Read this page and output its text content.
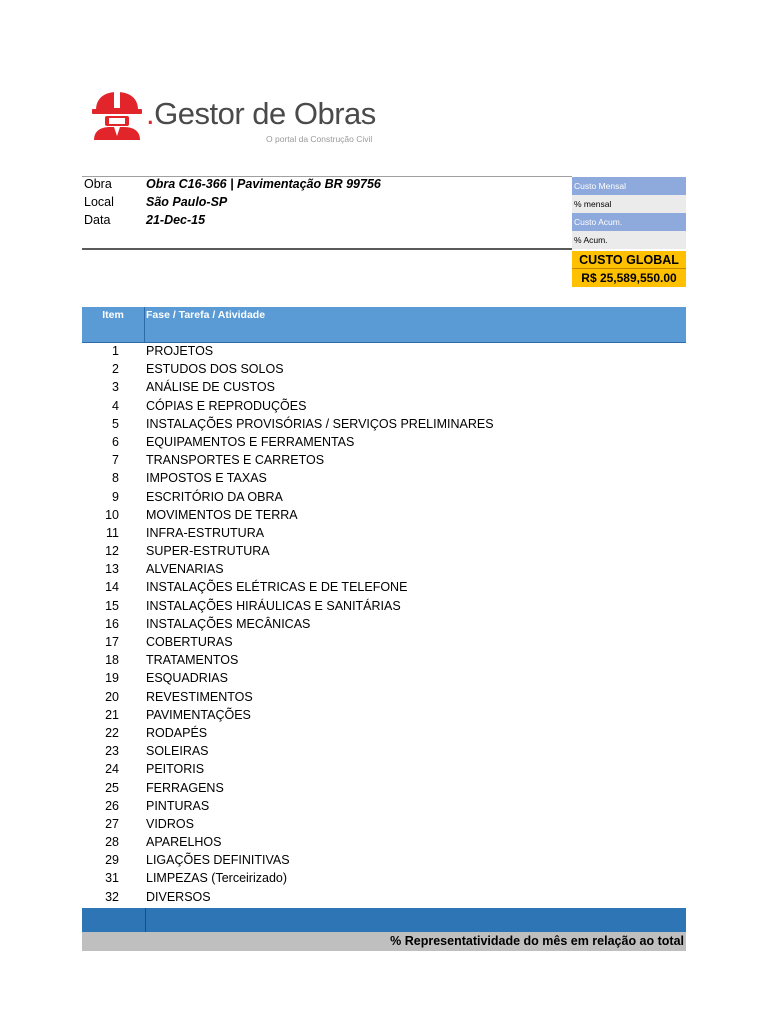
.Gestor de Obras
O portal da Construção Civil
Obra	Obra C16-366 | Pavimentação BR 99756
Local	São Paulo-SP
Data	21-Dec-15
Custo Mensal
% mensal
Custo Acum.
% Acum.
CUSTO GLOBAL
R$ 25,589,550.00
Item	Fase / Tarefa / Atividade
1 PROJETOS
2 ESTUDOS DOS SOLOS
3 ANÁLISE DE CUSTOS
4 CÓPIAS E REPRODUÇÕES
5 INSTALAÇÕES PROVISÓRIAS / SERVIÇOS PRELIMINARES
6 EQUIPAMENTOS E FERRAMENTAS
7 TRANSPORTES E CARRETOS
8 IMPOSTOS E TAXAS
9 ESCRITÓRIO DA OBRA
10 MOVIMENTOS DE TERRA
11 INFRA-ESTRUTURA
12 SUPER-ESTRUTURA
13 ALVENARIAS
14 INSTALAÇÕES ELÉTRICAS E DE TELEFONE
15 INSTALAÇÕES HIRÁULICAS E SANITÁRIAS
16 INSTALAÇÕES MECÂNICAS
17 COBERTURAS
18 TRATAMENTOS
19 ESQUADRIAS
20 REVESTIMENTOS
21 PAVIMENTAÇÕES
22 RODAPÉS
23 SOLEIRAS
24 PEITORIS
25 FERRAGENS
26 PINTURAS
27 VIDROS
28 APARELHOS
29 LIGAÇÕES DEFINITIVAS
31 LIMPEZAS (Terceirizado)
32 DIVERSOS
% Representatividade do mês em relação ao total
